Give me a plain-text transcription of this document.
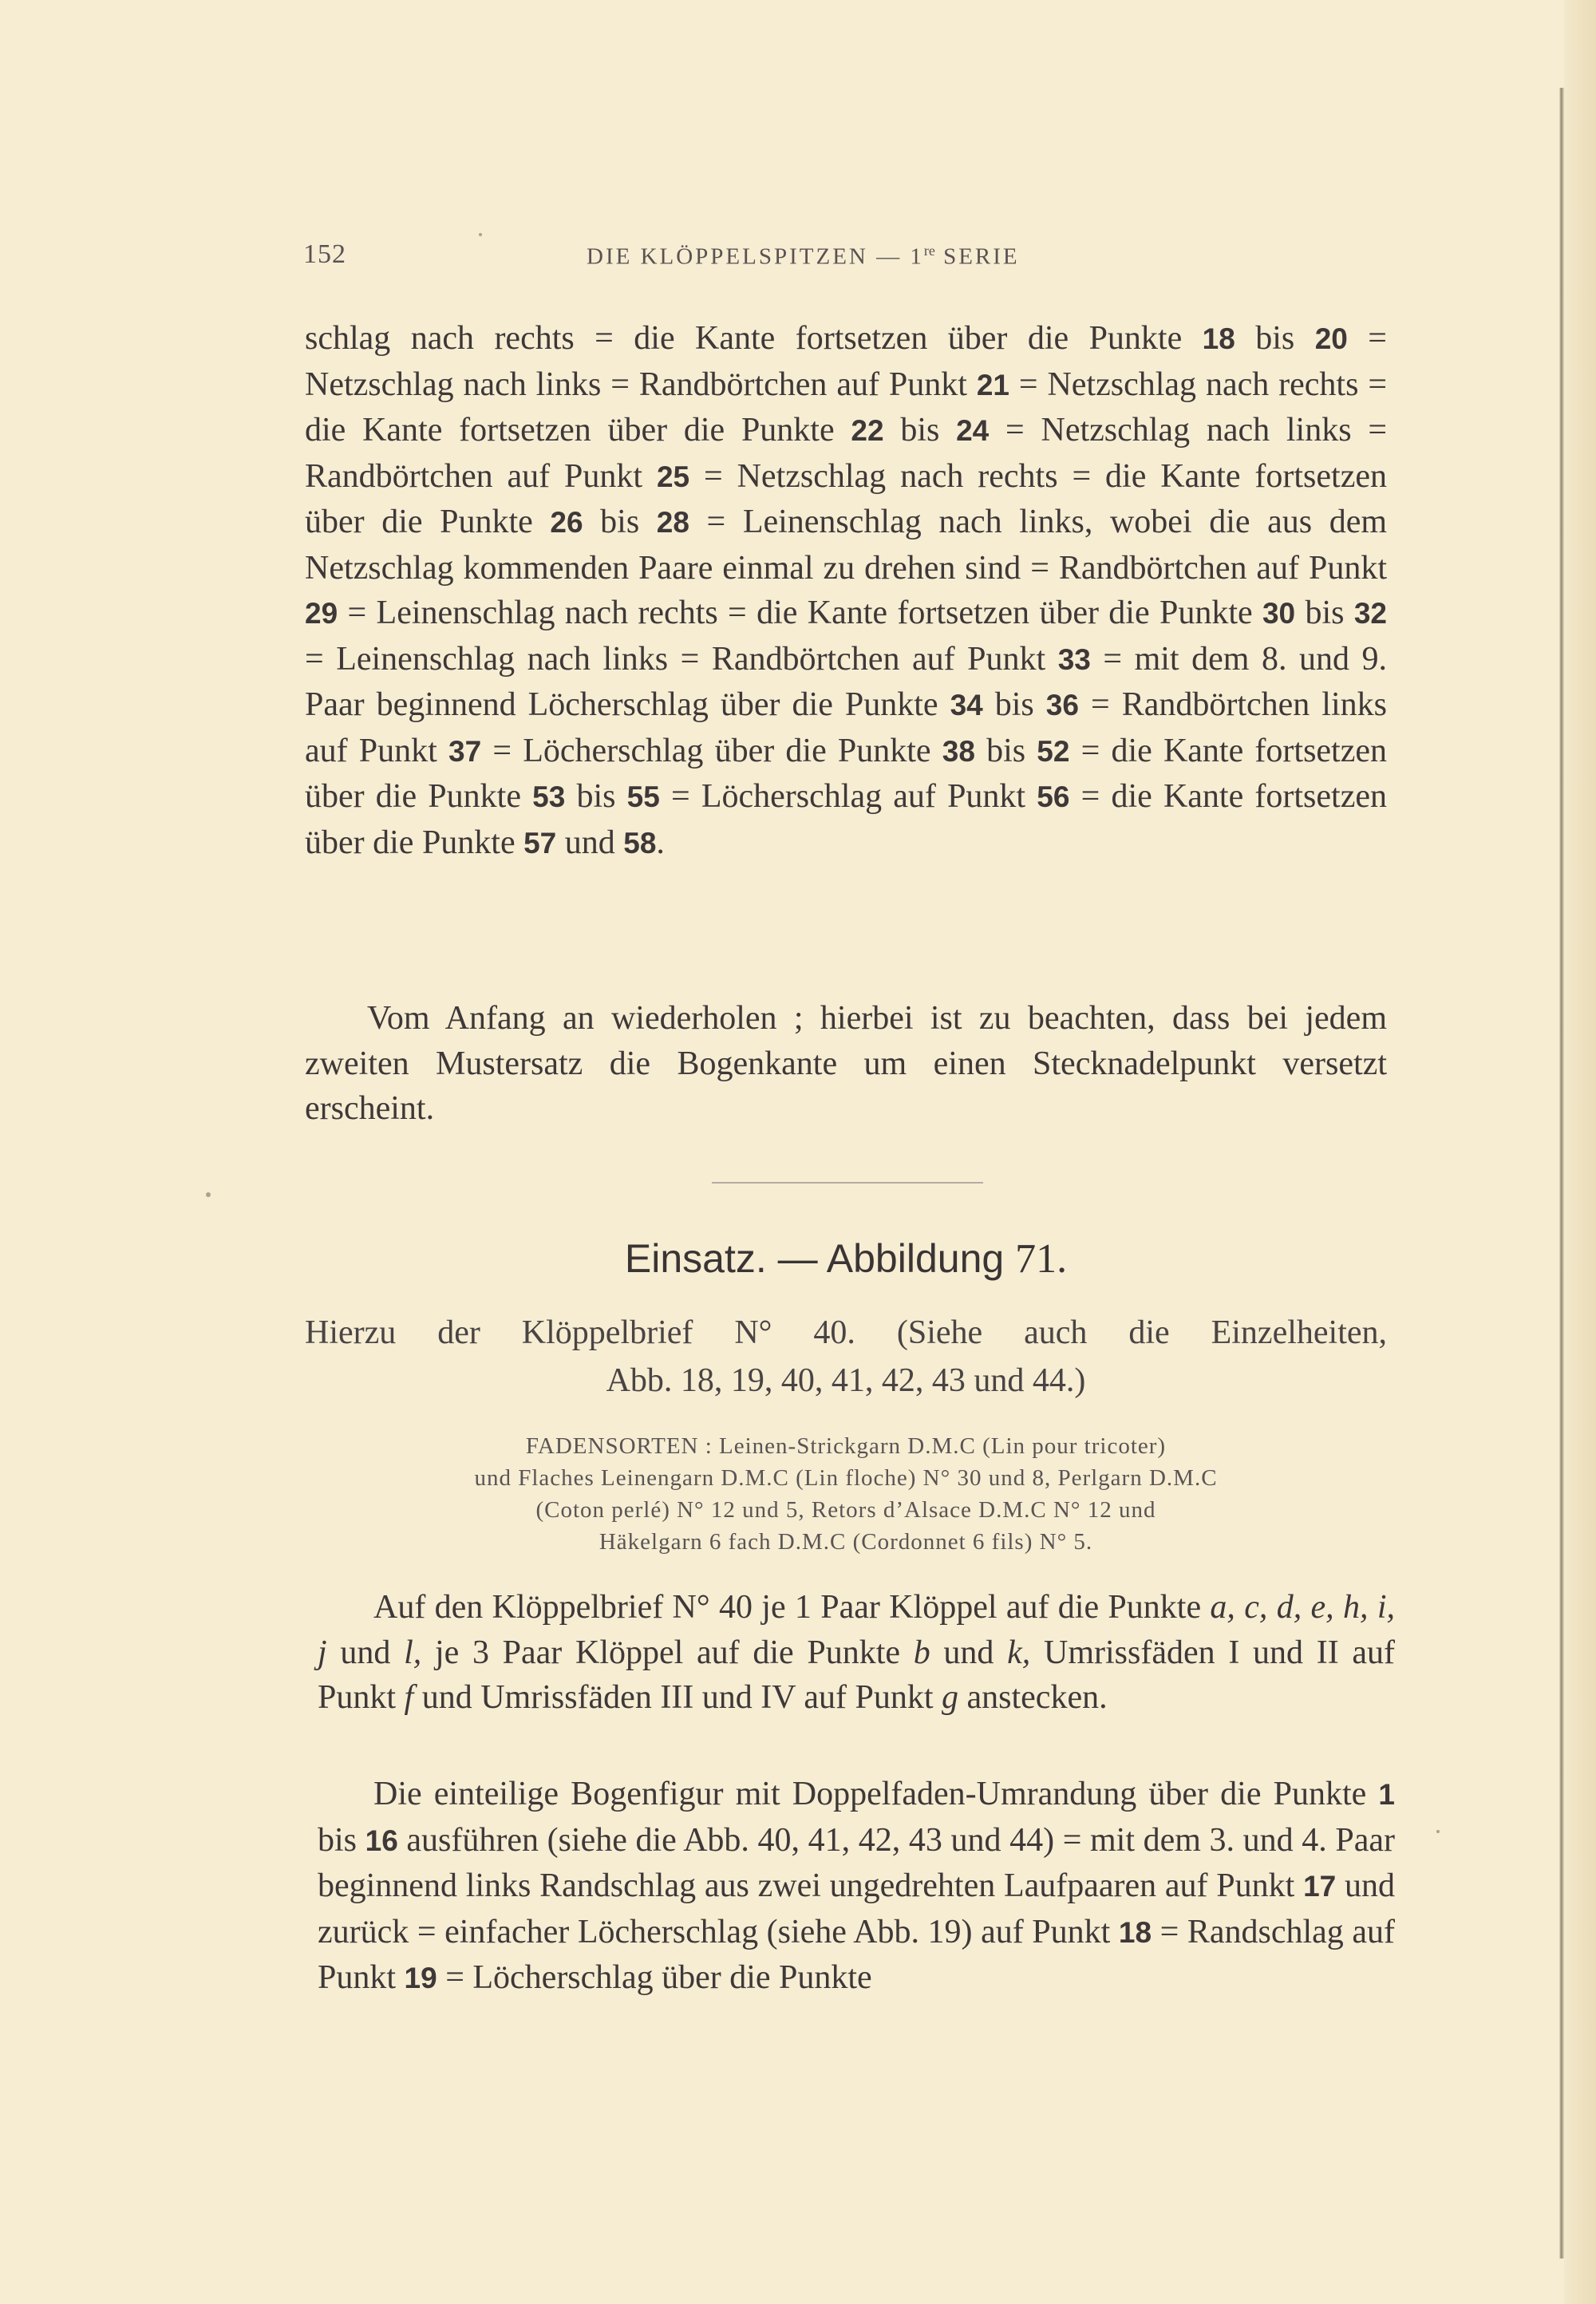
152	DIE KLÖPPELSPITZEN — 1re SERIE
schlag nach rechts = die Kante fortsetzen über die Punkte 18 bis 20 = Netzschlag nach links = Randbörtchen auf Punkt 21 = Netzschlag nach rechts = die Kante fortsetzen über die Punkte 22 bis 24 = Netzschlag nach links = Randbörtchen auf Punkt 25 = Netzschlag nach rechts = die Kante fortsetzen über die Punkte 26 bis 28 = Leinenschlag nach links, wobei die aus dem Netzschlag kommenden Paare einmal zu drehen sind = Randbörtchen auf Punkt 29 = Leinenschlag nach rechts = die Kante fortsetzen über die Punkte 30 bis 32 = Leinenschlag nach links = Randbörtchen auf Punkt 33 = mit dem 8. und 9. Paar beginnend Löcherschlag über die Punkte 34 bis 36 = Randbörtchen links auf Punkt 37 = Löcherschlag über die Punkte 38 bis 52 = die Kante fortsetzen über die Punkte 53 bis 55 = Löcherschlag auf Punkt 56 = die Kante fortsetzen über die Punkte 57 und 58.
Vom Anfang an wiederholen ; hierbei ist zu beachten, dass bei jedem zweiten Mustersatz die Bogenkante um einen Stecknadelpunkt versetzt erscheint.
Einsatz. — Abbildung 71.
Hierzu der Klöppelbrief N° 40. (Siehe auch die Einzelheiten,
Abb. 18, 19, 40, 41, 42, 43 und 44.)
FADENSORTEN : Leinen-Strickgarn D.M.C (Lin pour tricoter)
und Flaches Leinengarn D.M.C (Lin floche) N° 30 und 8, Perlgarn D.M.C
(Coton perlé) N° 12 und 5, Retors d’Alsace D.M.C N° 12 und
Häkelgarn 6 fach D.M.C (Cordonnet 6 fils) N° 5.
Auf den Klöppelbrief N° 40 je 1 Paar Klöppel auf die Punkte a, c, d, e, h, i, j und l, je 3 Paar Klöppel auf die Punkte b und k, Umrissfäden I und II auf Punkt f und Umrissfäden III und IV auf Punkt g anstecken.
Die einteilige Bogenfigur mit Doppelfaden-Umrandung über die Punkte 1 bis 16 ausführen (siehe die Abb. 40, 41, 42, 43 und 44) = mit dem 3. und 4. Paar beginnend links Randschlag aus zwei ungedrehten Laufpaaren auf Punkt 17 und zurück = einfacher Löcherschlag (siehe Abb. 19) auf Punkt 18 = Randschlag auf Punkt 19 = Löcherschlag über die Punkte
